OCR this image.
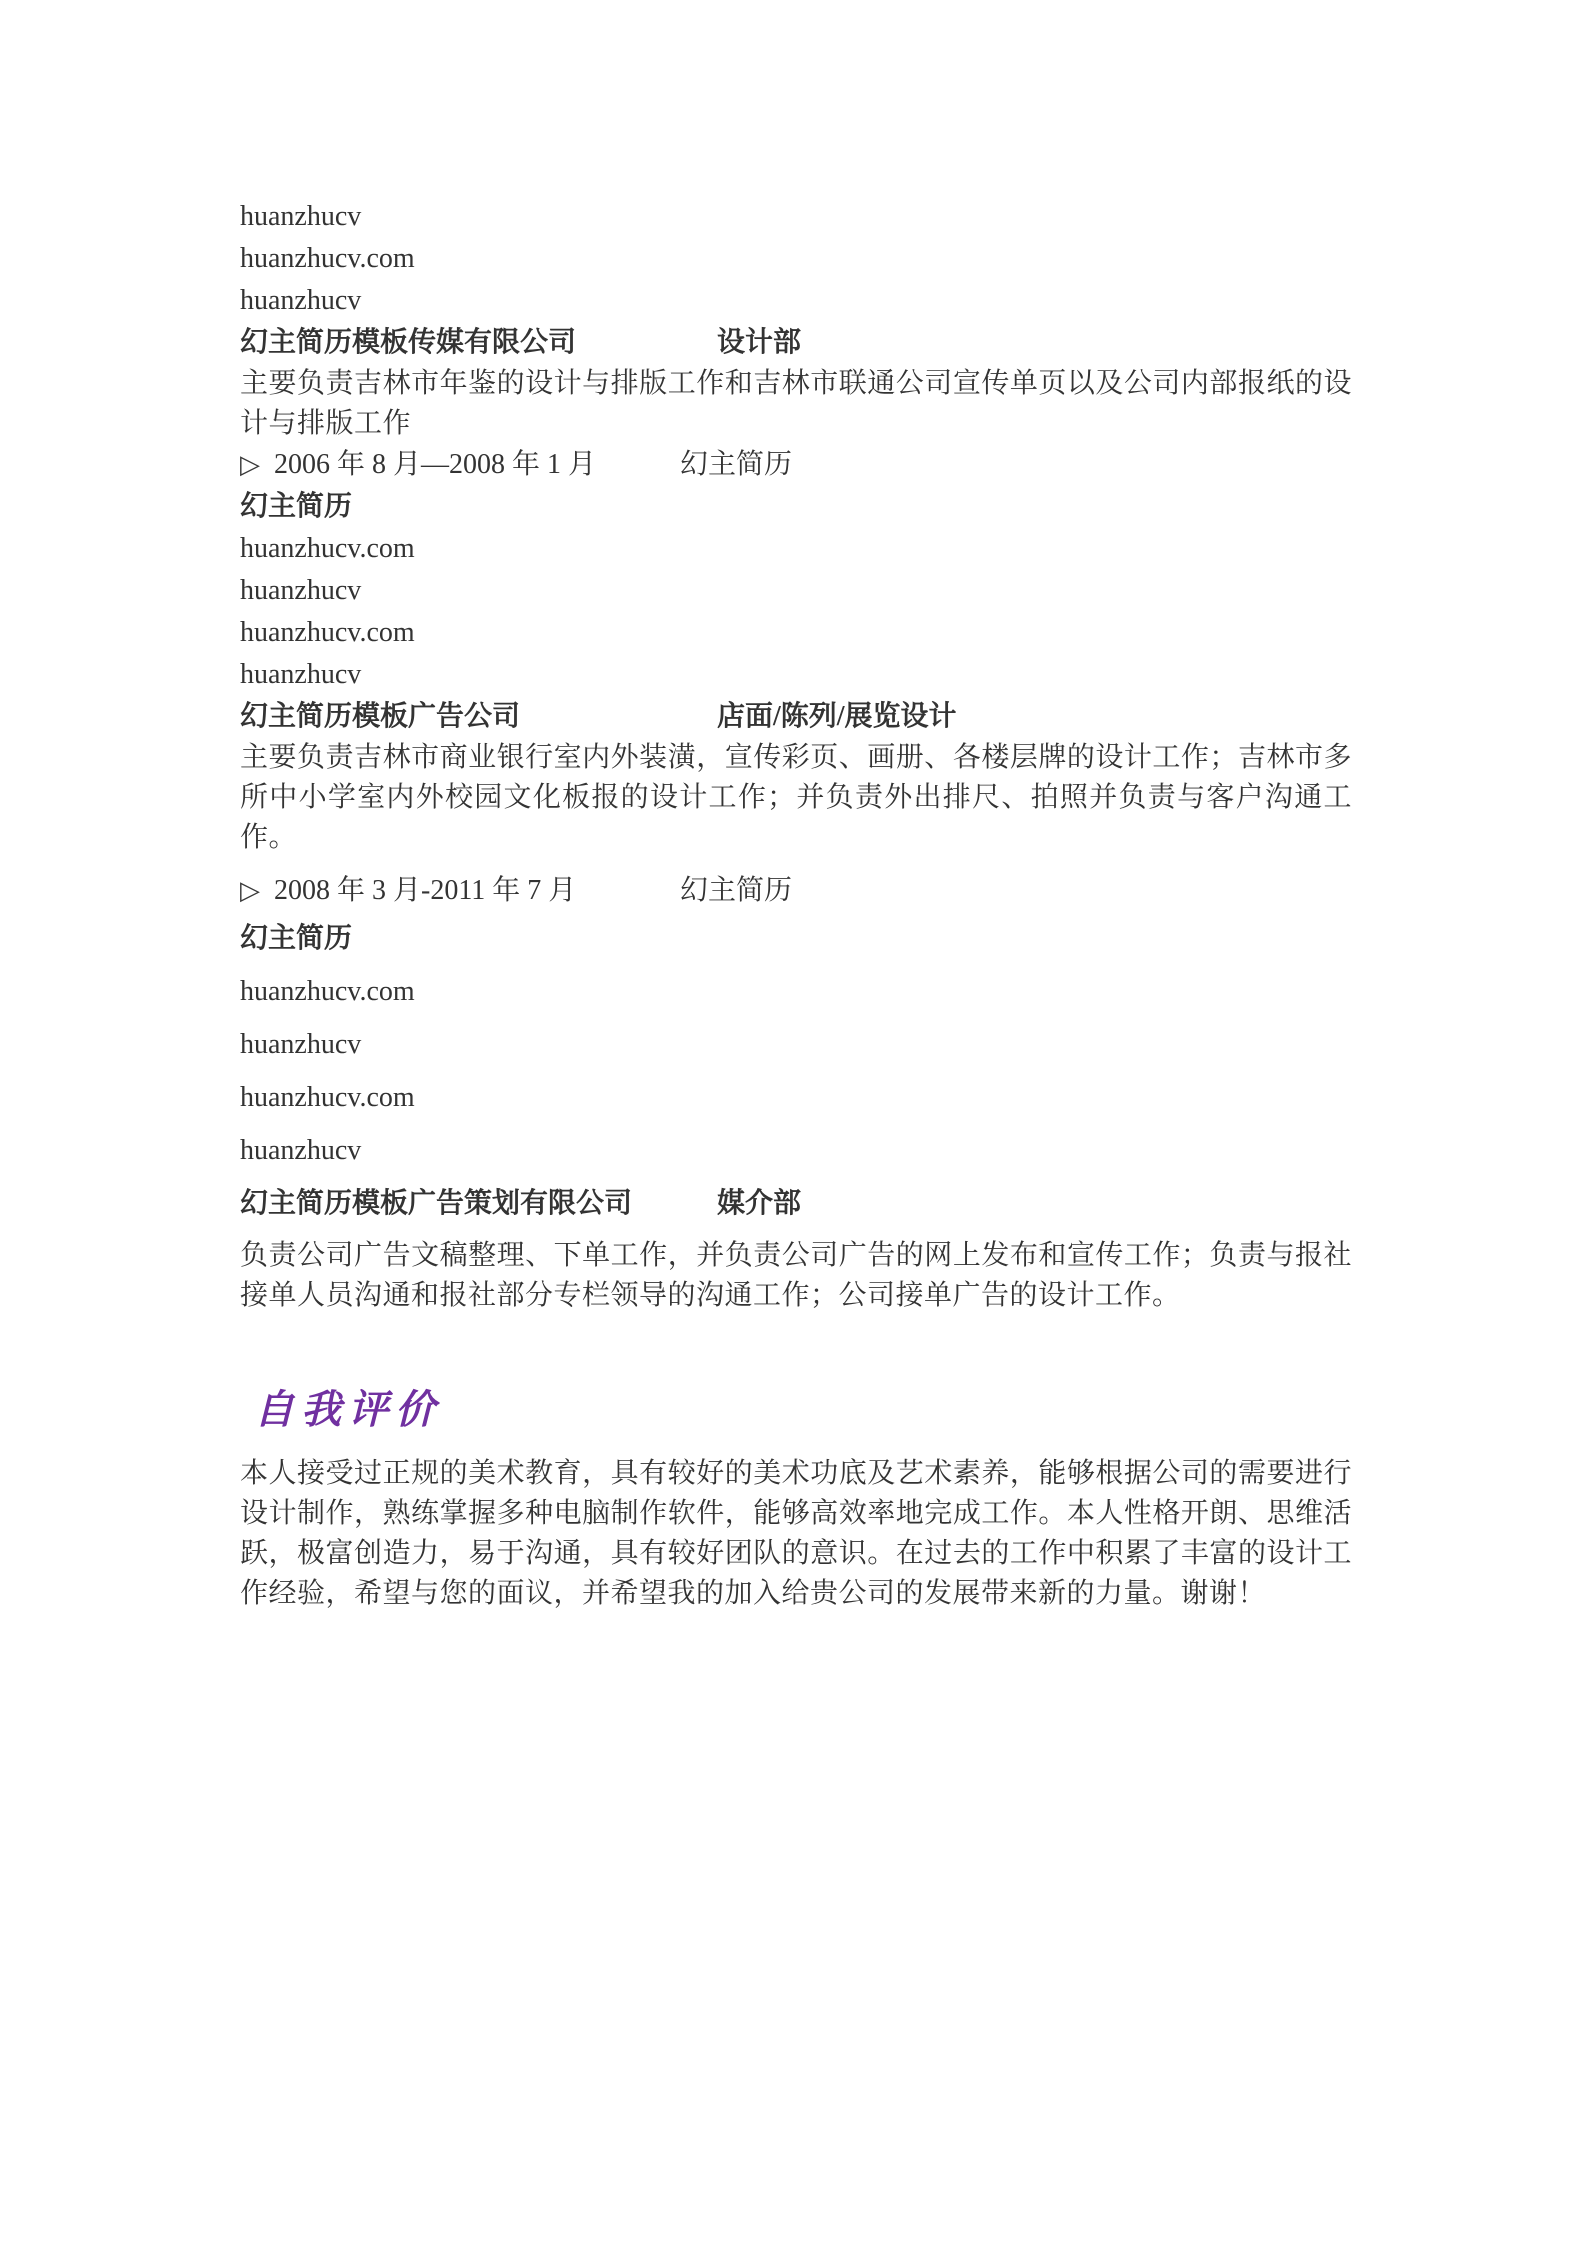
huanzhucv
huanzhucv.com
huanzhucv
幻主简历模板传媒有限公司	设计部

主要负责吉林市年鉴的设计与排版工作和吉林市联通公司宣传单页以及公司内部报纸的设计与排版工作

▷ 2006 年 8 月—2008 年 1 月	幻主简历
幻主简历
huanzhucv.com
huanzhucv
huanzhucv.com
huanzhucv
幻主简历模板广告公司	店面/陈列/展览设计

主要负责吉林市商业银行室内外装潢，宣传彩页、画册、各楼层牌的设计工作；吉林市多所中小学室内外校园文化板报的设计工作；并负责外出排尺、拍照并负责与客户沟通工作。

▷ 2008 年 3 月-2011 年 7 月	幻主简历
幻主简历
huanzhucv.com
huanzhucv
huanzhucv.com
huanzhucv
幻主简历模板广告策划有限公司	媒介部

负责公司广告文稿整理、下单工作，并负责公司广告的网上发布和宣传工作；负责与报社接单人员沟通和报社部分专栏领导的沟通工作；公司接单广告的设计工作。

自我评价

本人接受过正规的美术教育，具有较好的美术功底及艺术素养，能够根据公司的需要进行设计制作，熟练掌握多种电脑制作软件，能够高效率地完成工作。本人性格开朗、思维活跃，极富创造力，易于沟通，具有较好团队的意识。在过去的工作中积累了丰富的设计工作经验，希望与您的面议，并希望我的加入给贵公司的发展带来新的力量。谢谢！
